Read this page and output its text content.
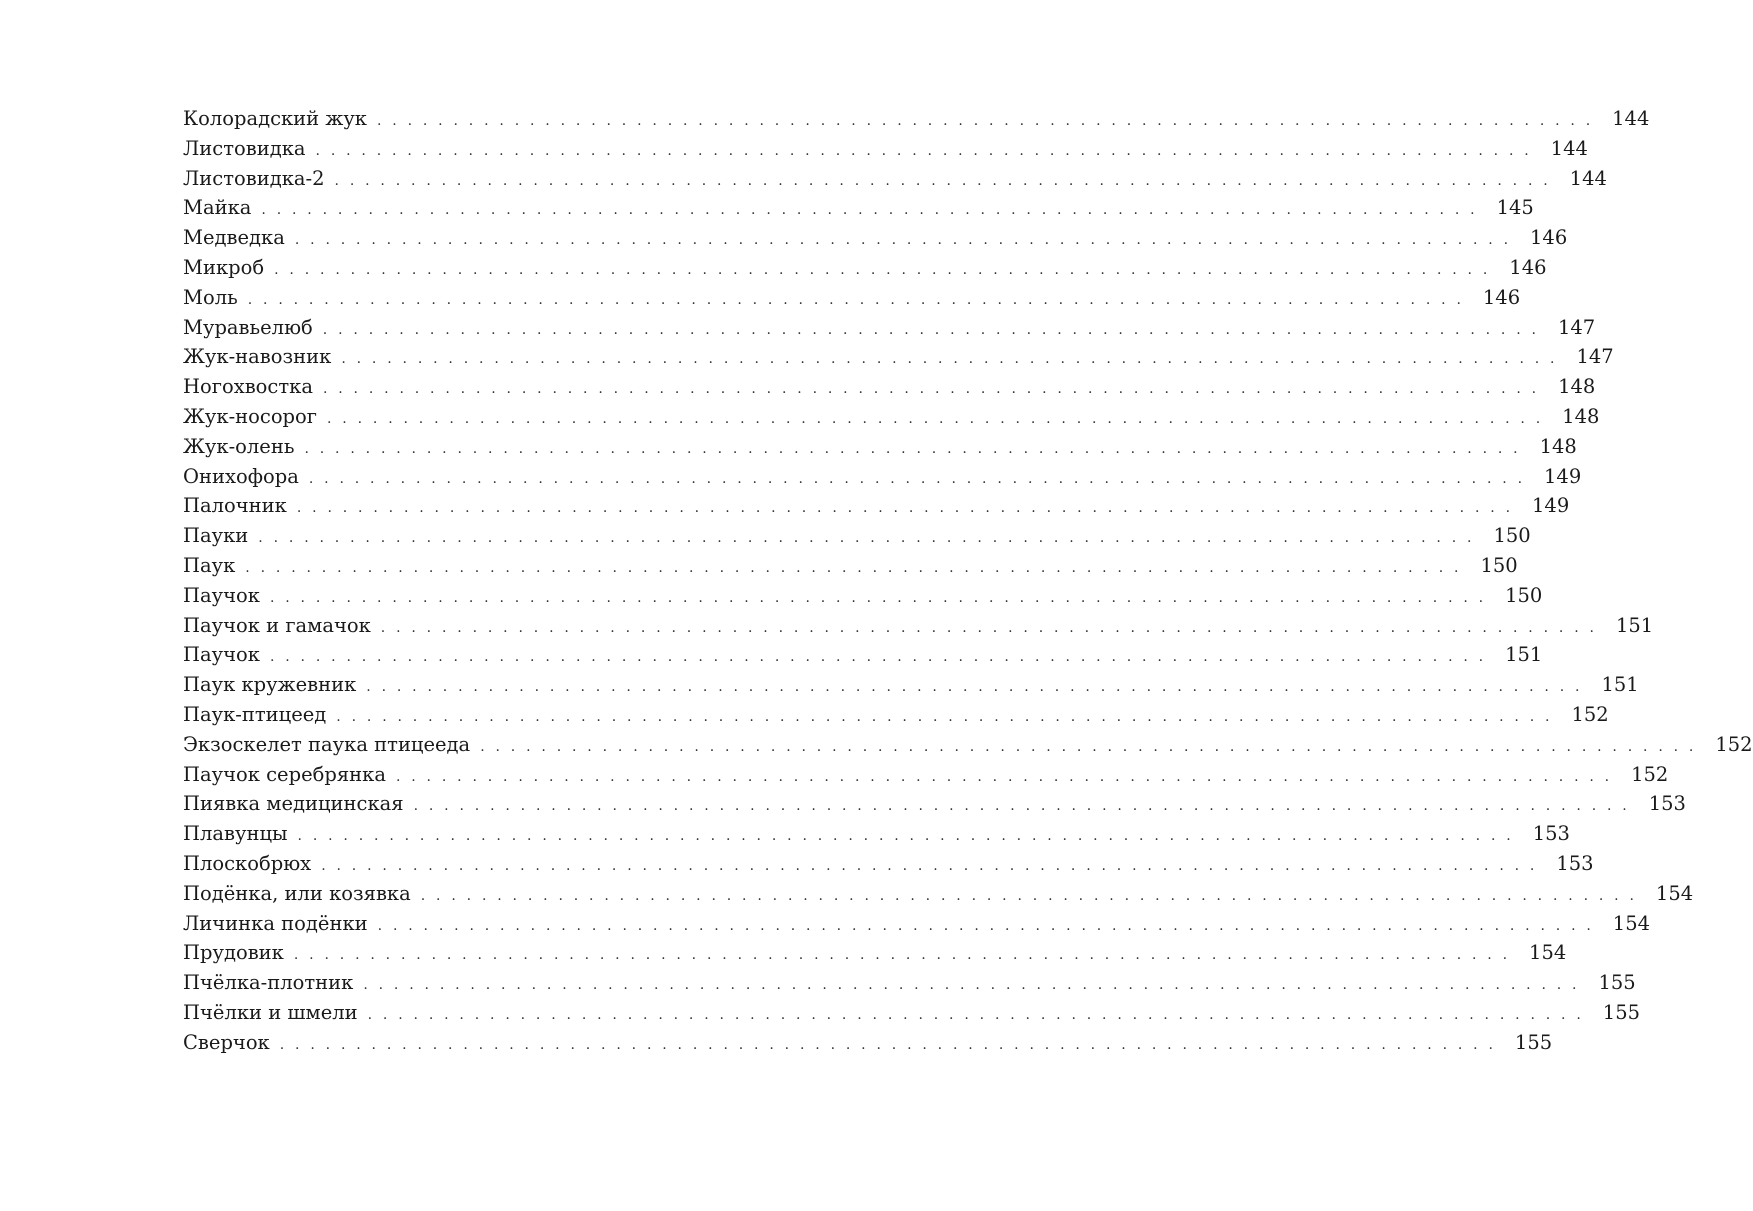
Колорадский жук . . . . . . . . . . . . . . . . . . . . . . . . . . . . . . . . . . . . . . . . . . . . . . . . . . . . . . . . . . . . . . . . . . . . . . . . . . . . . . . . 144
Листовидка . . . . . . . . . . . . . . . . . . . . . . . . . . . . . . . . . . . . . . . . . . . . . . . . . . . . . . . . . . . . . . . . . . . . . . . . . . . . . . . . 144
Листовидка-2 . . . . . . . . . . . . . . . . . . . . . . . . . . . . . . . . . . . . . . . . . . . . . . . . . . . . . . . . . . . . . . . . . . . . . . . . . . . . . . . . 144
Майка . . . . . . . . . . . . . . . . . . . . . . . . . . . . . . . . . . . . . . . . . . . . . . . . . . . . . . . . . . . . . . . . . . . . . . . . . . . . . . . . 145
Медведка . . . . . . . . . . . . . . . . . . . . . . . . . . . . . . . . . . . . . . . . . . . . . . . . . . . . . . . . . . . . . . . . . . . . . . . . . . . . . . . . 146
Микроб . . . . . . . . . . . . . . . . . . . . . . . . . . . . . . . . . . . . . . . . . . . . . . . . . . . . . . . . . . . . . . . . . . . . . . . . . . . . . . . . 146
Моль . . . . . . . . . . . . . . . . . . . . . . . . . . . . . . . . . . . . . . . . . . . . . . . . . . . . . . . . . . . . . . . . . . . . . . . . . . . . . . . . 146
Муравьелюб . . . . . . . . . . . . . . . . . . . . . . . . . . . . . . . . . . . . . . . . . . . . . . . . . . . . . . . . . . . . . . . . . . . . . . . . . . . . . . . . 147
Жук-навозник . . . . . . . . . . . . . . . . . . . . . . . . . . . . . . . . . . . . . . . . . . . . . . . . . . . . . . . . . . . . . . . . . . . . . . . . . . . . . . . . 147
Ногохвостка . . . . . . . . . . . . . . . . . . . . . . . . . . . . . . . . . . . . . . . . . . . . . . . . . . . . . . . . . . . . . . . . . . . . . . . . . . . . . . . . 148
Жук-носорог . . . . . . . . . . . . . . . . . . . . . . . . . . . . . . . . . . . . . . . . . . . . . . . . . . . . . . . . . . . . . . . . . . . . . . . . . . . . . . . . 148
Жук-олень . . . . . . . . . . . . . . . . . . . . . . . . . . . . . . . . . . . . . . . . . . . . . . . . . . . . . . . . . . . . . . . . . . . . . . . . . . . . . . . . 148
Онихофора . . . . . . . . . . . . . . . . . . . . . . . . . . . . . . . . . . . . . . . . . . . . . . . . . . . . . . . . . . . . . . . . . . . . . . . . . . . . . . . . 149
Палочник . . . . . . . . . . . . . . . . . . . . . . . . . . . . . . . . . . . . . . . . . . . . . . . . . . . . . . . . . . . . . . . . . . . . . . . . . . . . . . . . 149
Пауки . . . . . . . . . . . . . . . . . . . . . . . . . . . . . . . . . . . . . . . . . . . . . . . . . . . . . . . . . . . . . . . . . . . . . . . . . . . . . . . . 150
Паук . . . . . . . . . . . . . . . . . . . . . . . . . . . . . . . . . . . . . . . . . . . . . . . . . . . . . . . . . . . . . . . . . . . . . . . . . . . . . . . . 150
Паучок . . . . . . . . . . . . . . . . . . . . . . . . . . . . . . . . . . . . . . . . . . . . . . . . . . . . . . . . . . . . . . . . . . . . . . . . . . . . . . . . 150
Паучок и гамачок . . . . . . . . . . . . . . . . . . . . . . . . . . . . . . . . . . . . . . . . . . . . . . . . . . . . . . . . . . . . . . . . . . . . . . . . . . . . . . . . 151
Паучок . . . . . . . . . . . . . . . . . . . . . . . . . . . . . . . . . . . . . . . . . . . . . . . . . . . . . . . . . . . . . . . . . . . . . . . . . . . . . . . . 151
Паук кружевник . . . . . . . . . . . . . . . . . . . . . . . . . . . . . . . . . . . . . . . . . . . . . . . . . . . . . . . . . . . . . . . . . . . . . . . . . . . . . . . . 151
Паук-птицеед . . . . . . . . . . . . . . . . . . . . . . . . . . . . . . . . . . . . . . . . . . . . . . . . . . . . . . . . . . . . . . . . . . . . . . . . . . . . . . . . 152
Экзоскелет паука птицееда . . . . . . . . . . . . . . . . . . . . . . . . . . . . . . . . . . . . . . . . . . . . . . . . . . . . . . . . . . . . . . . . . . . . . . . . . . . . . . . . 152
Паучок серебрянка . . . . . . . . . . . . . . . . . . . . . . . . . . . . . . . . . . . . . . . . . . . . . . . . . . . . . . . . . . . . . . . . . . . . . . . . . . . . . . . . 152
Пиявка медицинская . . . . . . . . . . . . . . . . . . . . . . . . . . . . . . . . . . . . . . . . . . . . . . . . . . . . . . . . . . . . . . . . . . . . . . . . . . . . . . . . 153
Плавунцы . . . . . . . . . . . . . . . . . . . . . . . . . . . . . . . . . . . . . . . . . . . . . . . . . . . . . . . . . . . . . . . . . . . . . . . . . . . . . . . . 153
Плоскобрюх . . . . . . . . . . . . . . . . . . . . . . . . . . . . . . . . . . . . . . . . . . . . . . . . . . . . . . . . . . . . . . . . . . . . . . . . . . . . . . . . 153
Подёнка, или козявка . . . . . . . . . . . . . . . . . . . . . . . . . . . . . . . . . . . . . . . . . . . . . . . . . . . . . . . . . . . . . . . . . . . . . . . . . . . . . . . . 154
Личинка подёнки . . . . . . . . . . . . . . . . . . . . . . . . . . . . . . . . . . . . . . . . . . . . . . . . . . . . . . . . . . . . . . . . . . . . . . . . . . . . . . . . 154
Прудовик . . . . . . . . . . . . . . . . . . . . . . . . . . . . . . . . . . . . . . . . . . . . . . . . . . . . . . . . . . . . . . . . . . . . . . . . . . . . . . . . 154
Пчёлка-плотник . . . . . . . . . . . . . . . . . . . . . . . . . . . . . . . . . . . . . . . . . . . . . . . . . . . . . . . . . . . . . . . . . . . . . . . . . . . . . . . . 155
Пчёлки и шмели . . . . . . . . . . . . . . . . . . . . . . . . . . . . . . . . . . . . . . . . . . . . . . . . . . . . . . . . . . . . . . . . . . . . . . . . . . . . . . . . 155
Сверчок . . . . . . . . . . . . . . . . . . . . . . . . . . . . . . . . . . . . . . . . . . . . . . . . . . . . . . . . . . . . . . . . . . . . . . . . . . . . . . . . 155
